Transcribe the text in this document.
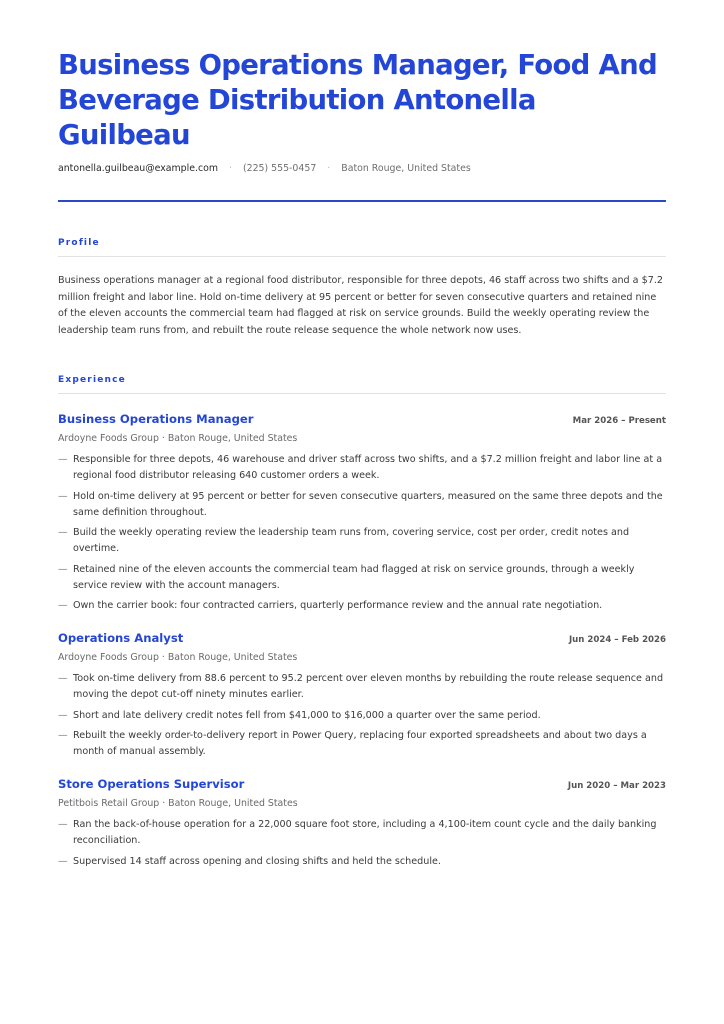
Business Operations Manager, Food And Beverage Distribution Antonella Guilbeau
antonella.guilbeau@example.com · (225) 555-0457 · Baton Rouge, United States
Profile

Business operations manager at a regional food distributor, responsible for three depots, 46 staff across two shifts and a $7.2 million freight and labor line. Hold on-time delivery at 95 percent or better for seven consecutive quarters and retained nine of the eleven accounts the commercial team had flagged at risk on service grounds. Build the weekly operating review the leadership team runs from, and rebuilt the route release sequence the whole network now uses.

Experience
Business Operations Manager	Mar 2026 – Present
Ardoyne Foods Group · Baton Rouge, United States
— Responsible for three depots, 46 warehouse and driver staff across two shifts, and a $7.2 million freight and labor line at a regional food distributor releasing 640 customer orders a week.
— Hold on-time delivery at 95 percent or better for seven consecutive quarters, measured on the same three depots and the same definition throughout.
— Build the weekly operating review the leadership team runs from, covering service, cost per order, credit notes and overtime.
— Retained nine of the eleven accounts the commercial team had flagged at risk on service grounds, through a weekly service review with the account managers.
— Own the carrier book: four contracted carriers, quarterly performance review and the annual rate negotiation.
Operations Analyst	Jun 2024 – Feb 2026
Ardoyne Foods Group · Baton Rouge, United States
— Took on-time delivery from 88.6 percent to 95.2 percent over eleven months by rebuilding the route release sequence and moving the depot cut-off ninety minutes earlier.
— Short and late delivery credit notes fell from $41,000 to $16,000 a quarter over the same period.
— Rebuilt the weekly order-to-delivery report in Power Query, replacing four exported spreadsheets and about two days a month of manual assembly.
Store Operations Supervisor	Jun 2020 – Mar 2023
Petitbois Retail Group · Baton Rouge, United States
— Ran the back-of-house operation for a 22,000 square foot store, including a 4,100-item count cycle and the daily banking reconciliation.
— Supervised 14 staff across opening and closing shifts and held the schedule.
